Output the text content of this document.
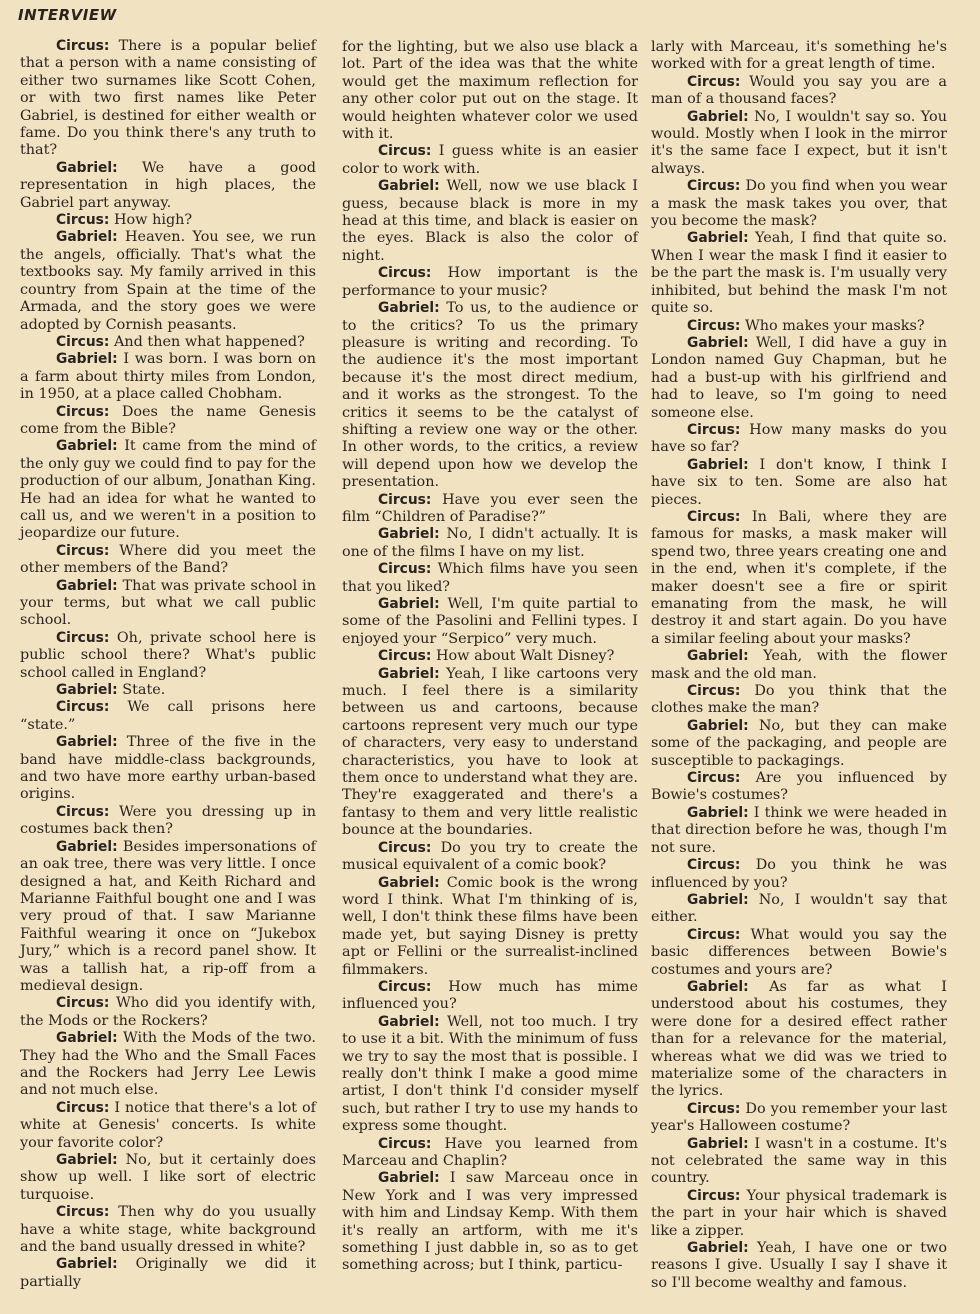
INTERVIEW

Circus: There is a popular belief that a person with a name consisting of either two surnames like Scott Cohen, or with two first names like Peter Gabriel, is destined for either wealth or fame. Do you think there's any truth to that?

Gabriel: We have a good representation in high places, the Gabriel part anyway.

Circus: How high?

Gabriel: Heaven. You see, we run the angels, officially. That's what the textbooks say. My family arrived in this country from Spain at the time of the Armada, and the story goes we were adopted by Cornish peasants.

Circus: And then what happened?

Gabriel: I was born. I was born on a farm about thirty miles from London, in 1950, at a place called Chobham.

Circus: Does the name Genesis come from the Bible?

Gabriel: It came from the mind of the only guy we could find to pay for the production of our album, Jonathan King. He had an idea for what he wanted to call us, and we weren't in a position to jeopardize our future.

Circus: Where did you meet the other members of the Band?

Gabriel: That was private school in your terms, but what we call public school.

Circus: Oh, private school here is public school there? What's public school called in England?

Gabriel: State.

Circus: We call prisons here “state.”

Gabriel: Three of the five in the band have middle-class backgrounds, and two have more earthy urban-based origins.

Circus: Were you dressing up in costumes back then?

Gabriel: Besides impersonations of an oak tree, there was very little. I once designed a hat, and Keith Richard and Marianne Faithful bought one and I was very proud of that. I saw Marianne Faithful wearing it once on “Jukebox Jury,” which is a record panel show. It was a tallish hat, a rip-off from a medieval design.

Circus: Who did you identify with, the Mods or the Rockers?

Gabriel: With the Mods of the two. They had the Who and the Small Faces and the Rockers had Jerry Lee Lewis and not much else.

Circus: I notice that there's a lot of white at Genesis' concerts. Is white your favorite color?

Gabriel: No, but it certainly does show up well. I like sort of electric turquoise.

Circus: Then why do you usually have a white stage, white background and the band usually dressed in white?

Gabriel: Originally we did it partially

for the lighting, but we also use black a lot. Part of the idea was that the white would get the maximum reflection for any other color put out on the stage. It would heighten whatever color we used with it.

Circus: I guess white is an easier color to work with.

Gabriel: Well, now we use black I guess, because black is more in my head at this time, and black is easier on the eyes. Black is also the color of night.

Circus: How important is the performance to your music?

Gabriel: To us, to the audience or to the critics? To us the primary pleasure is writing and recording. To the audience it's the most important because it's the most direct medium, and it works as the strongest. To the critics it seems to be the catalyst of shifting a review one way or the other. In other words, to the critics, a review will depend upon how we develop the presentation.

Circus: Have you ever seen the film “Children of Paradise?”

Gabriel: No, I didn't actually. It is one of the films I have on my list.

Circus: Which films have you seen that you liked?

Gabriel: Well, I'm quite partial to some of the Pasolini and Fellini types. I enjoyed your “Serpico” very much.

Circus: How about Walt Disney?

Gabriel: Yeah, I like cartoons very much. I feel there is a similarity between us and cartoons, because cartoons represent very much our type of characters, very easy to understand characteristics, you have to look at them once to understand what they are. They're exaggerated and there's a fantasy to them and very little realistic bounce at the boundaries.

Circus: Do you try to create the musical equivalent of a comic book?

Gabriel: Comic book is the wrong word I think. What I'm thinking of is, well, I don't think these films have been made yet, but saying Disney is pretty apt or Fellini or the surrealist-inclined filmmakers.

Circus: How much has mime influenced you?

Gabriel: Well, not too much. I try to use it a bit. With the minimum of fuss we try to say the most that is possible. I really don't think I make a good mime artist, I don't think I'd consider myself such, but rather I try to use my hands to express some thought.

Circus: Have you learned from Marceau and Chaplin?

Gabriel: I saw Marceau once in New York and I was very impressed with him and Lindsay Kemp. With them it's really an artform, with me it's something I just dabble in, so as to get something across; but I think, particu-

larly with Marceau, it's something he's worked with for a great length of time.

Circus: Would you say you are a man of a thousand faces?

Gabriel: No, I wouldn't say so. You would. Mostly when I look in the mirror it's the same face I expect, but it isn't always.

Circus: Do you find when you wear a mask the mask takes you over, that you become the mask?

Gabriel: Yeah, I find that quite so. When I wear the mask I find it easier to be the part the mask is. I'm usually very inhibited, but behind the mask I'm not quite so.

Circus: Who makes your masks?

Gabriel: Well, I did have a guy in London named Guy Chapman, but he had a bust-up with his girlfriend and had to leave, so I'm going to need someone else.

Circus: How many masks do you have so far?

Gabriel: I don't know, I think I have six to ten. Some are also hat pieces.

Circus: In Bali, where they are famous for masks, a mask maker will spend two, three years creating one and in the end, when it's complete, if the maker doesn't see a fire or spirit emanating from the mask, he will destroy it and start again. Do you have a similar feeling about your masks?

Gabriel: Yeah, with the flower mask and the old man.

Circus: Do you think that the clothes make the man?

Gabriel: No, but they can make some of the packaging, and people are susceptible to packagings.

Circus: Are you influenced by Bowie's costumes?

Gabriel: I think we were headed in that direction before he was, though I'm not sure.

Circus: Do you think he was influenced by you?

Gabriel: No, I wouldn't say that either.

Circus: What would you say the basic differences between Bowie's costumes and yours are?

Gabriel: As far as what I understood about his costumes, they were done for a desired effect rather than for a relevance for the material, whereas what we did was we tried to materialize some of the characters in the lyrics.

Circus: Do you remember your last year's Halloween costume?

Gabriel: I wasn't in a costume. It's not celebrated the same way in this country.

Circus: Your physical trademark is the part in your hair which is shaved like a zipper.

Gabriel: Yeah, I have one or two reasons I give. Usually I say I shave it so I'll become wealthy and famous.
